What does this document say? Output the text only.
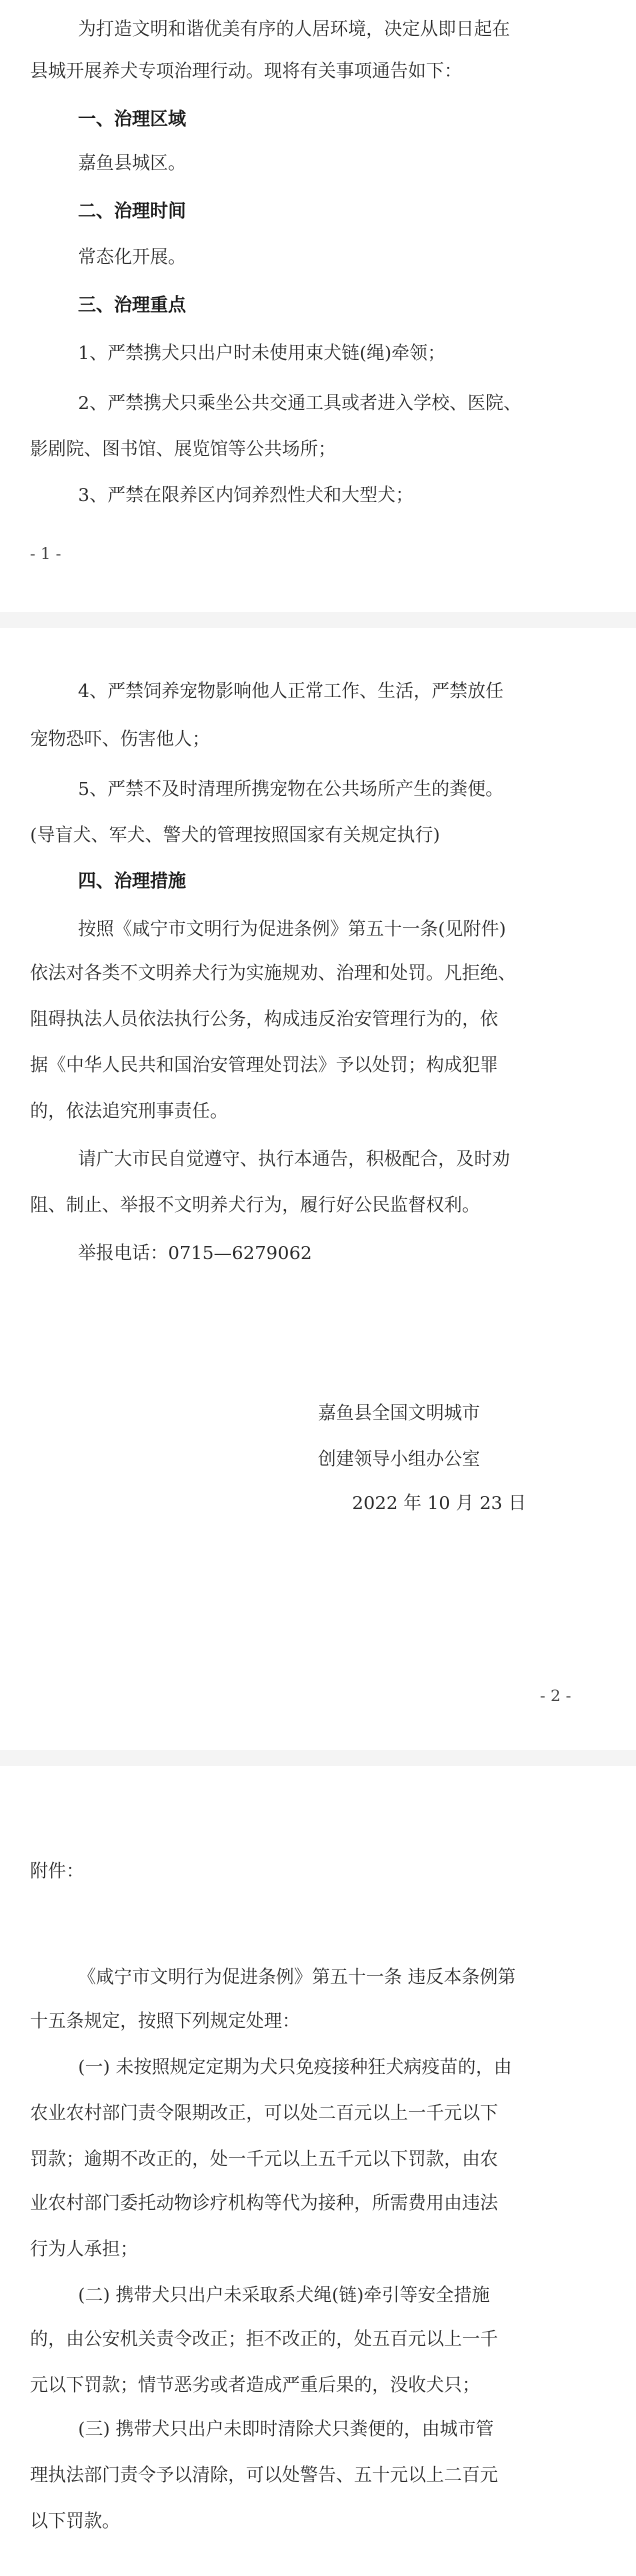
为打造文明和谐优美有序的人居环境，决定从即日起在
县城开展养犬专项治理行动。现将有关事项通告如下：
一、治理区域
嘉鱼县城区。
二、治理时间
常态化开展。
三、治理重点
1、严禁携犬只出户时未使用束犬链(绳)牵领；
2、严禁携犬只乘坐公共交通工具或者进入学校、医院、
影剧院、图书馆、展览馆等公共场所；
3、严禁在限养区内饲养烈性犬和大型犬；
- 1 -
4、严禁饲养宠物影响他人正常工作、生活，严禁放任
宠物恐吓、伤害他人；
5、严禁不及时清理所携宠物在公共场所产生的粪便。
(导盲犬、军犬、警犬的管理按照国家有关规定执行)
四、治理措施
按照《咸宁市文明行为促进条例》第五十一条(见附件)
依法对各类不文明养犬行为实施规劝、治理和处罚。凡拒绝、
阻碍执法人员依法执行公务，构成违反治安管理行为的，依
据《中华人民共和国治安管理处罚法》予以处罚；构成犯罪
的，依法追究刑事责任。
请广大市民自觉遵守、执行本通告，积极配合，及时劝
阻、制止、举报不文明养犬行为，履行好公民监督权利。
举报电话：0715—6279062
嘉鱼县全国文明城市
创建领导小组办公室
2022 年 10 月 23 日
- 2 -
附件：
《咸宁市文明行为促进条例》第五十一条 违反本条例第
十五条规定，按照下列规定处理：
(一) 未按照规定定期为犬只免疫接种狂犬病疫苗的，由
农业农村部门责令限期改正，可以处二百元以上一千元以下
罚款；逾期不改正的，处一千元以上五千元以下罚款，由农
业农村部门委托动物诊疗机构等代为接种，所需费用由违法
行为人承担；
(二) 携带犬只出户未采取系犬绳(链)牵引等安全措施
的，由公安机关责令改正；拒不改正的，处五百元以上一千
元以下罚款；情节恶劣或者造成严重后果的，没收犬只；
(三) 携带犬只出户未即时清除犬只粪便的，由城市管
理执法部门责令予以清除，可以处警告、五十元以上二百元
以下罚款。
